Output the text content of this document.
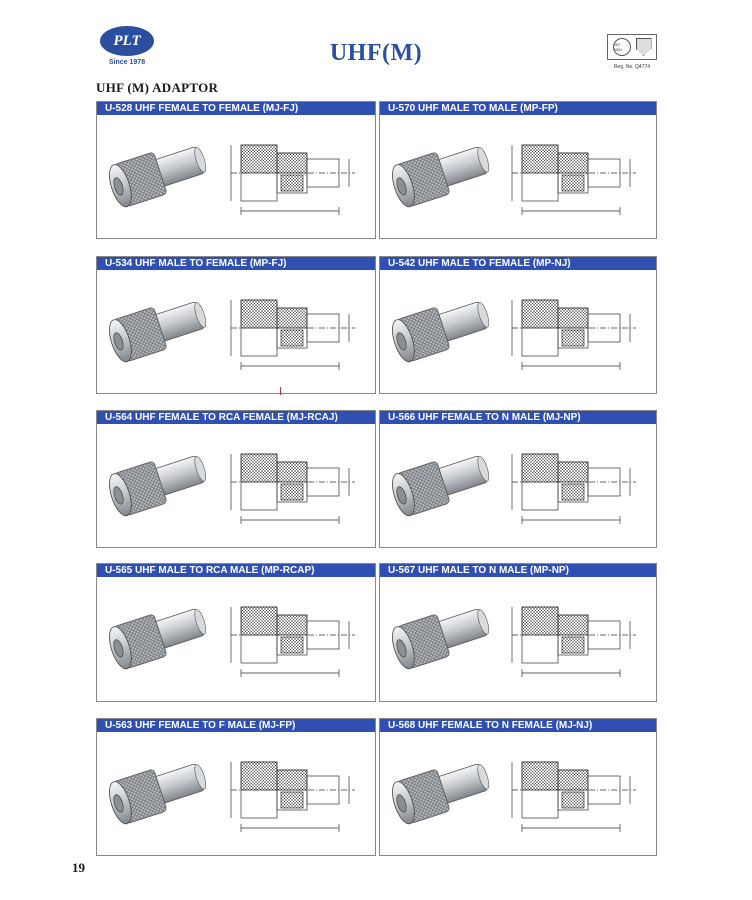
PLT
Since 1978	UHF(M)	ISO 9001
Reg. No. Q4774
UHF (M) ADAPTOR
U-528 UHF FEMALE TO FEMALE (MJ-FJ)	U-570 UHF MALE TO MALE (MP-FP)
U-534 UHF MALE TO FEMALE (MP-FJ)	U-542 UHF MALE TO FEMALE (MP-NJ)
U-564 UHF FEMALE TO RCA FEMALE (MJ-RCAJ)	U-566 UHF FEMALE TO N MALE (MJ-NP)
U-565 UHF MALE TO RCA MALE (MP-RCAP)	U-567 UHF MALE TO N MALE (MP-NP)
U-563 UHF FEMALE TO F MALE (MJ-FP)	U-568 UHF FEMALE TO N FEMALE (MJ-NJ)
19
